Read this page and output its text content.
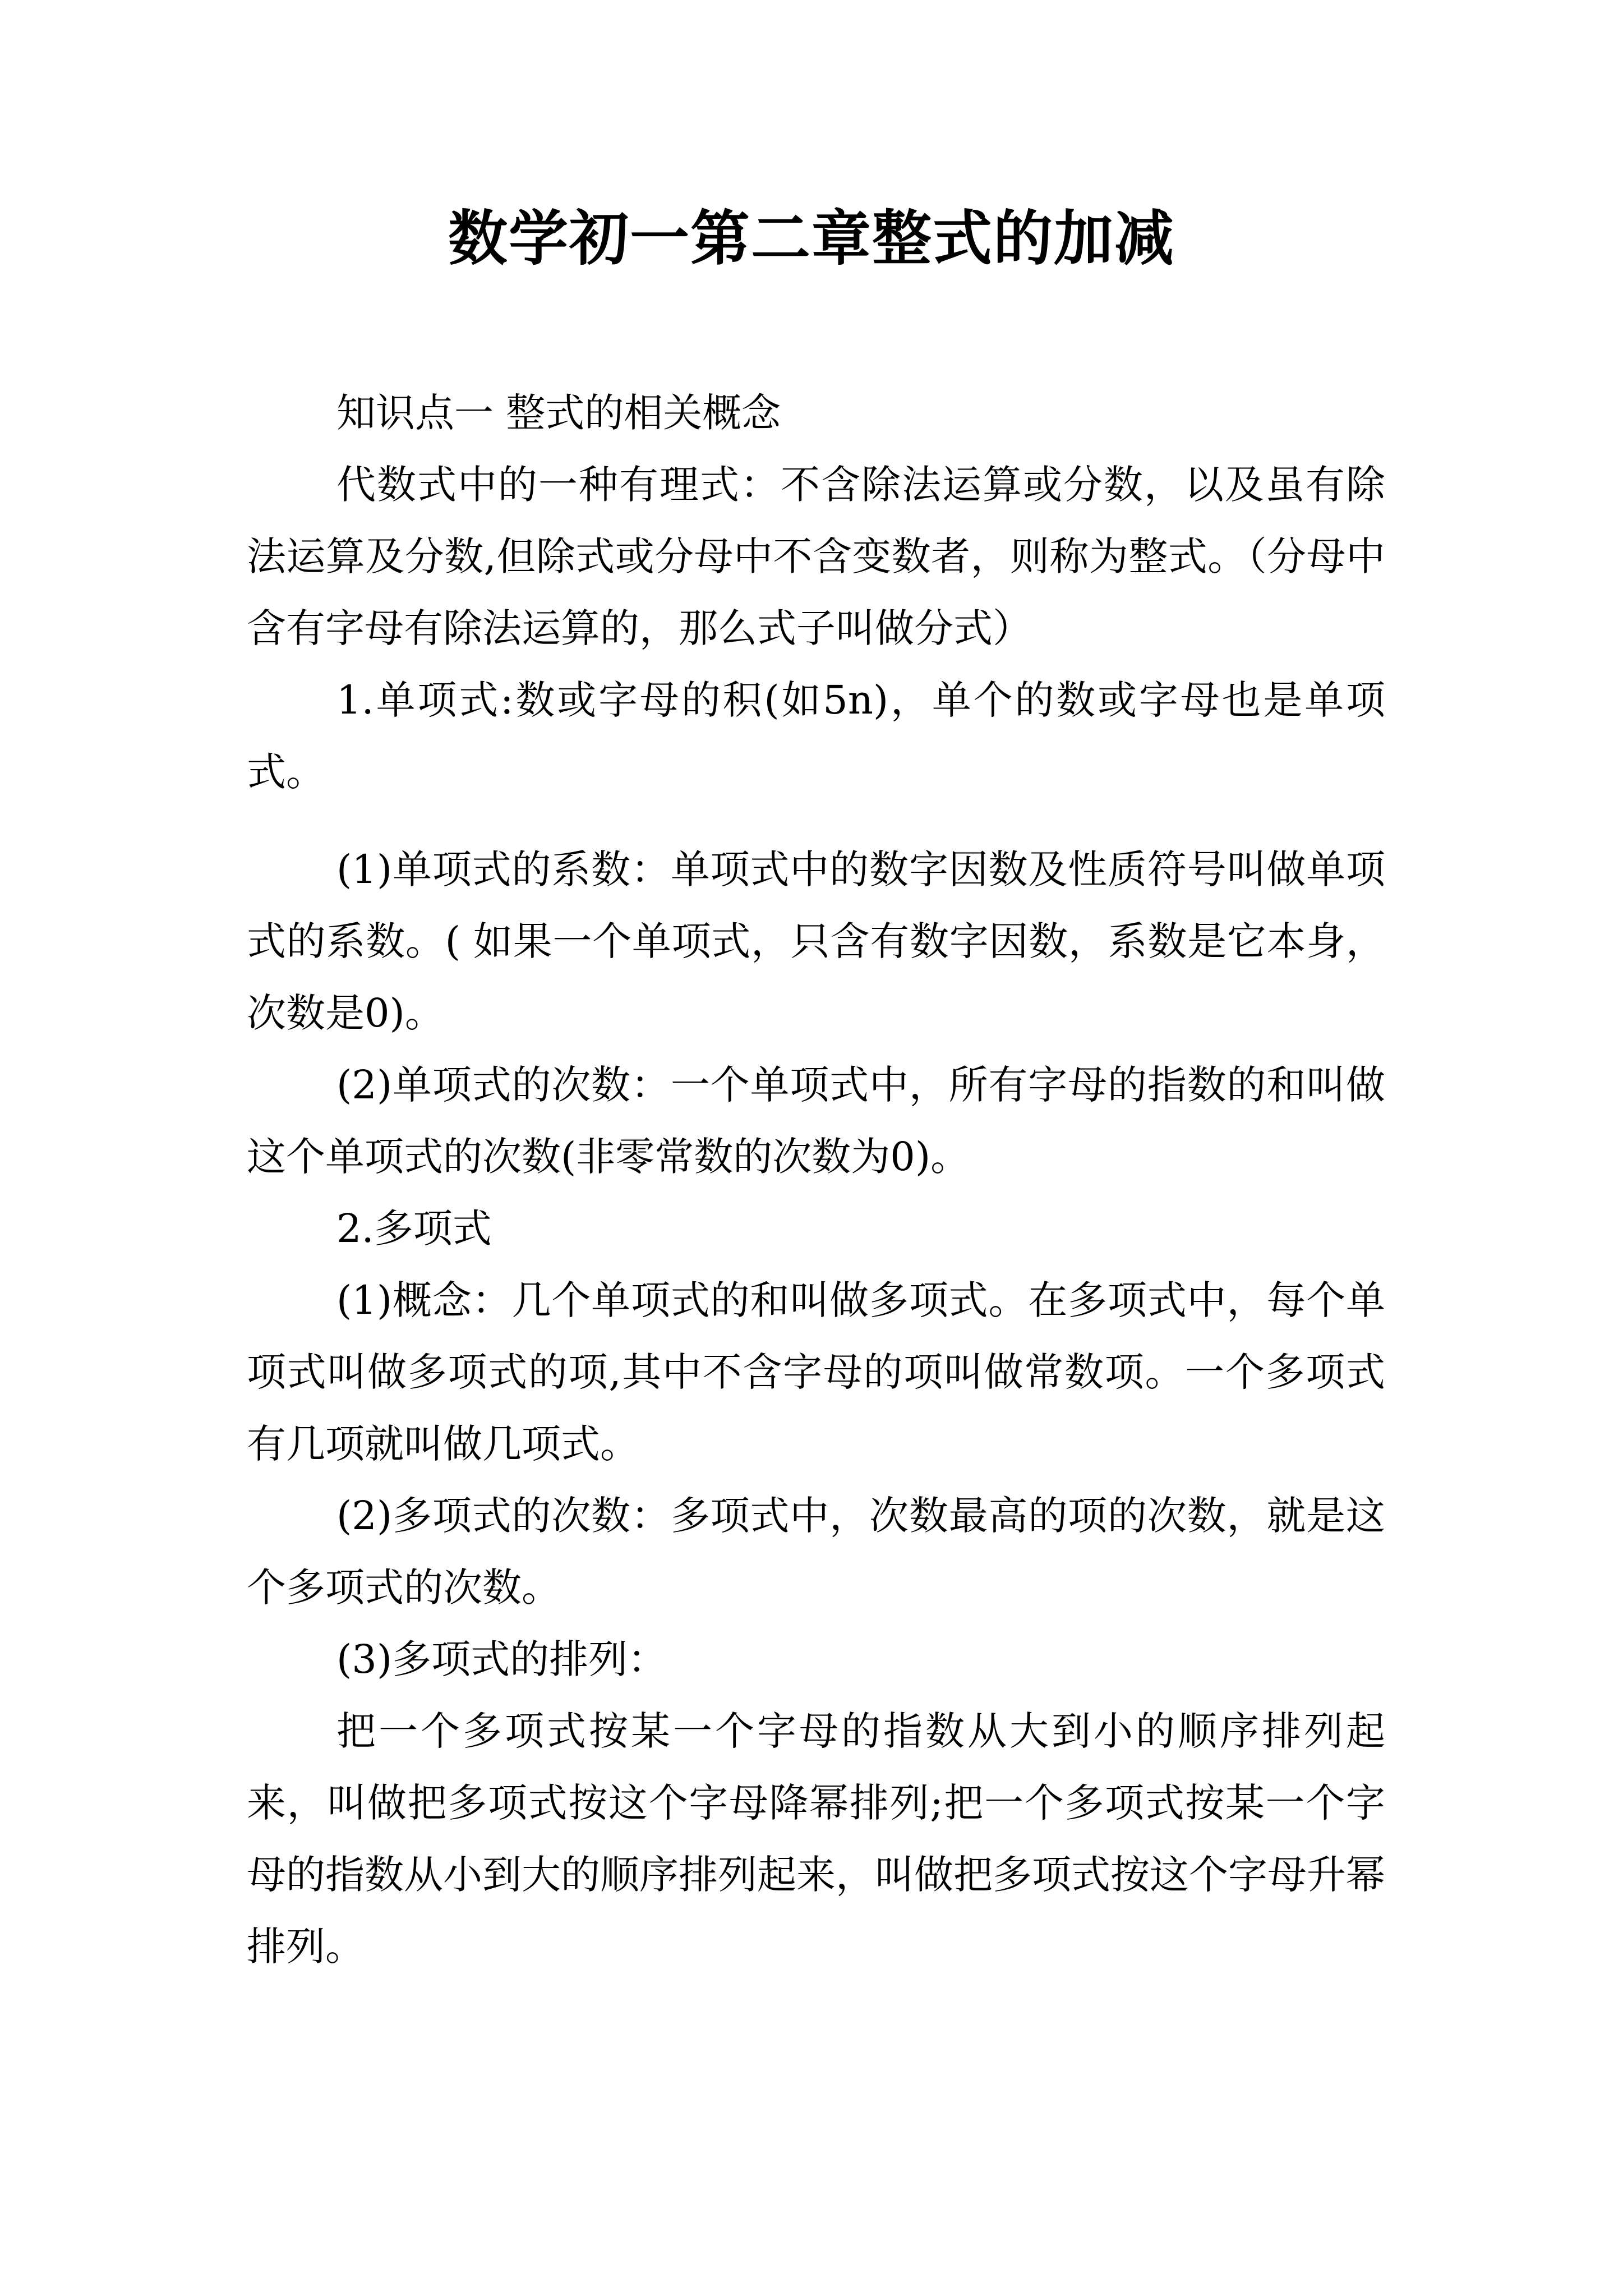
数学初一第二章整式的加减

知识点一 整式的相关概念

代数式中的一种有理式：不含除法运算或分数，以及虽有除法运算及分数,但除式或分母中不含变数者，则称为整式。（分母中含有字母有除法运算的，那么式子叫做分式）

1.单项式:数或字母的积(如5n)，单个的数或字母也是单项式。

(1)单项式的系数：单项式中的数字因数及性质符号叫做单项式的系数。( 如果一个单项式，只含有数字因数，系数是它本身，次数是0)。

(2)单项式的次数：一个单项式中，所有字母的指数的和叫做这个单项式的次数(非零常数的次数为0)。

2.多项式

(1)概念：几个单项式的和叫做多项式。在多项式中，每个单项式叫做多项式的项,其中不含字母的项叫做常数项。一个多项式有几项就叫做几项式。

(2)多项式的次数：多项式中，次数最高的项的次数，就是这个多项式的次数。

(3)多项式的排列：

把一个多项式按某一个字母的指数从大到小的顺序排列起来，叫做把多项式按这个字母降幂排列;把一个多项式按某一个字母的指数从小到大的顺序排列起来，叫做把多项式按这个字母升幂排列。
